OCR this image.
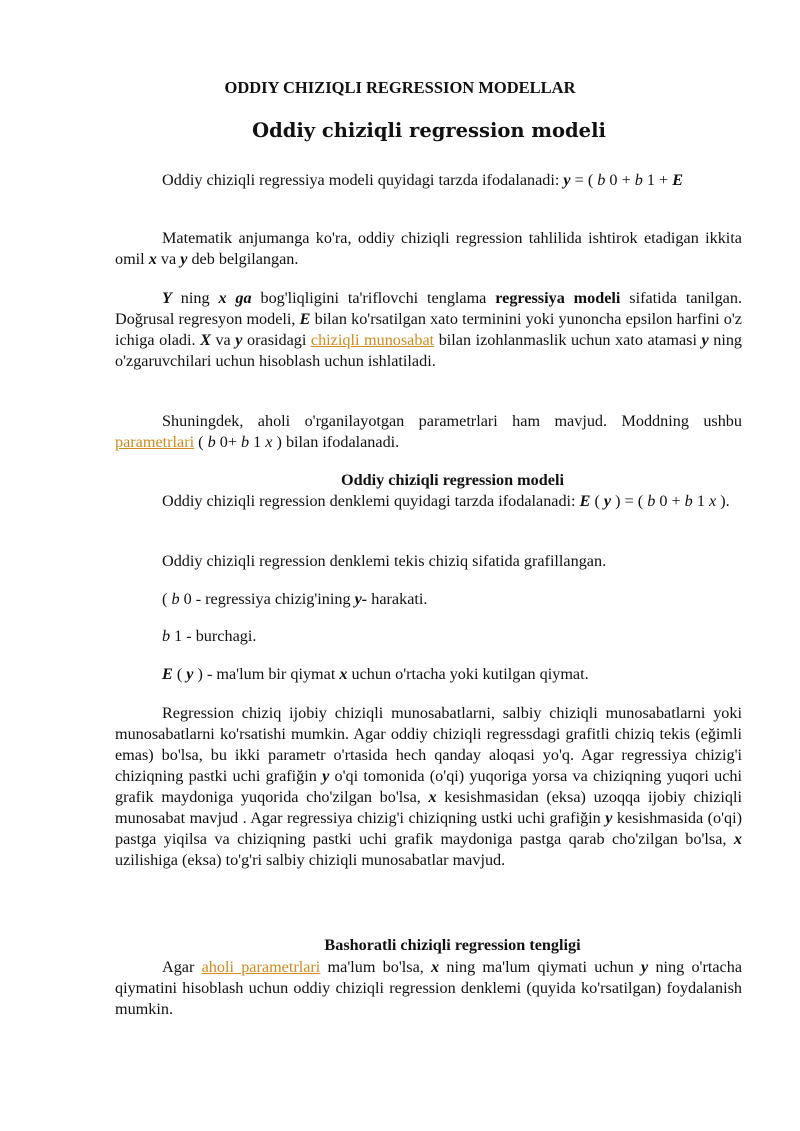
ODDIY CHIZIQLI REGRESSION MODELLAR
Oddiy chiziqli regression modeli

Oddiy chiziqli regressiya modeli quyidagi tarzda ifodalanadi: y = ( b 0 + b 1 + E

Matematik anjumanga ko'ra, oddiy chiziqli regression tahlilida ishtirok etadigan ikkita omil x va y deb belgilangan.

Y ning x ga bog'liqligini ta'riflovchi tenglama regressiya modeli sifatida tanilgan. Doğrusal regresyon modeli, E bilan ko'rsatilgan xato terminini yoki yunoncha epsilon harfini o'z ichiga oladi. X va y orasidagi chiziqli munosabat bilan izohlanmaslik uchun xato atamasi y ning o'zgaruvchilari uchun hisoblash uchun ishlatiladi.

Shuningdek, aholi o'rganilayotgan parametrlari ham mavjud. Moddning ushbu parametrlari ( b 0+ b 1 x ) bilan ifodalanadi.

Oddiy chiziqli regression modeli

Oddiy chiziqli regression denklemi quyidagi tarzda ifodalanadi: E ( y ) = ( b 0 + b 1 x ).

Oddiy chiziqli regression denklemi tekis chiziq sifatida grafillangan.

( b 0 - regressiya chizig'ining y- harakati.

b 1 - burchagi.

E ( y ) - ma'lum bir qiymat x uchun o'rtacha yoki kutilgan qiymat.

Regression chiziq ijobiy chiziqli munosabatlarni, salbiy chiziqli munosabatlarni yoki munosabatlarni ko'rsatishi mumkin. Agar oddiy chiziqli regressdagi grafitli chiziq tekis (eğimli emas) bo'lsa, bu ikki parametr o'rtasida hech qanday aloqasi yo'q. Agar regressiya chizig'i chiziqning pastki uchi grafiğin y o'qi tomonida (o'qi) yuqoriga yorsa va chiziqning yuqori uchi grafik maydoniga yuqorida cho'zilgan bo'lsa, x kesishmasidan (eksa) uzoqqa ijobiy chiziqli munosabat mavjud . Agar regressiya chizig'i chiziqning ustki uchi grafiğin y kesishmasida (o'qi) pastga yiqilsa va chiziqning pastki uchi grafik maydoniga pastga qarab cho'zilgan bo'lsa, x uzilishiga (eksa) to'g'ri salbiy chiziqli munosabatlar mavjud.

Bashoratli chiziqli regression tengligi

Agar aholi parametrlari ma'lum bo'lsa, x ning ma'lum qiymati uchun y ning o'rtacha qiymatini hisoblash uchun oddiy chiziqli regression denklemi (quyida ko'rsatilgan) foydalanish mumkin.
